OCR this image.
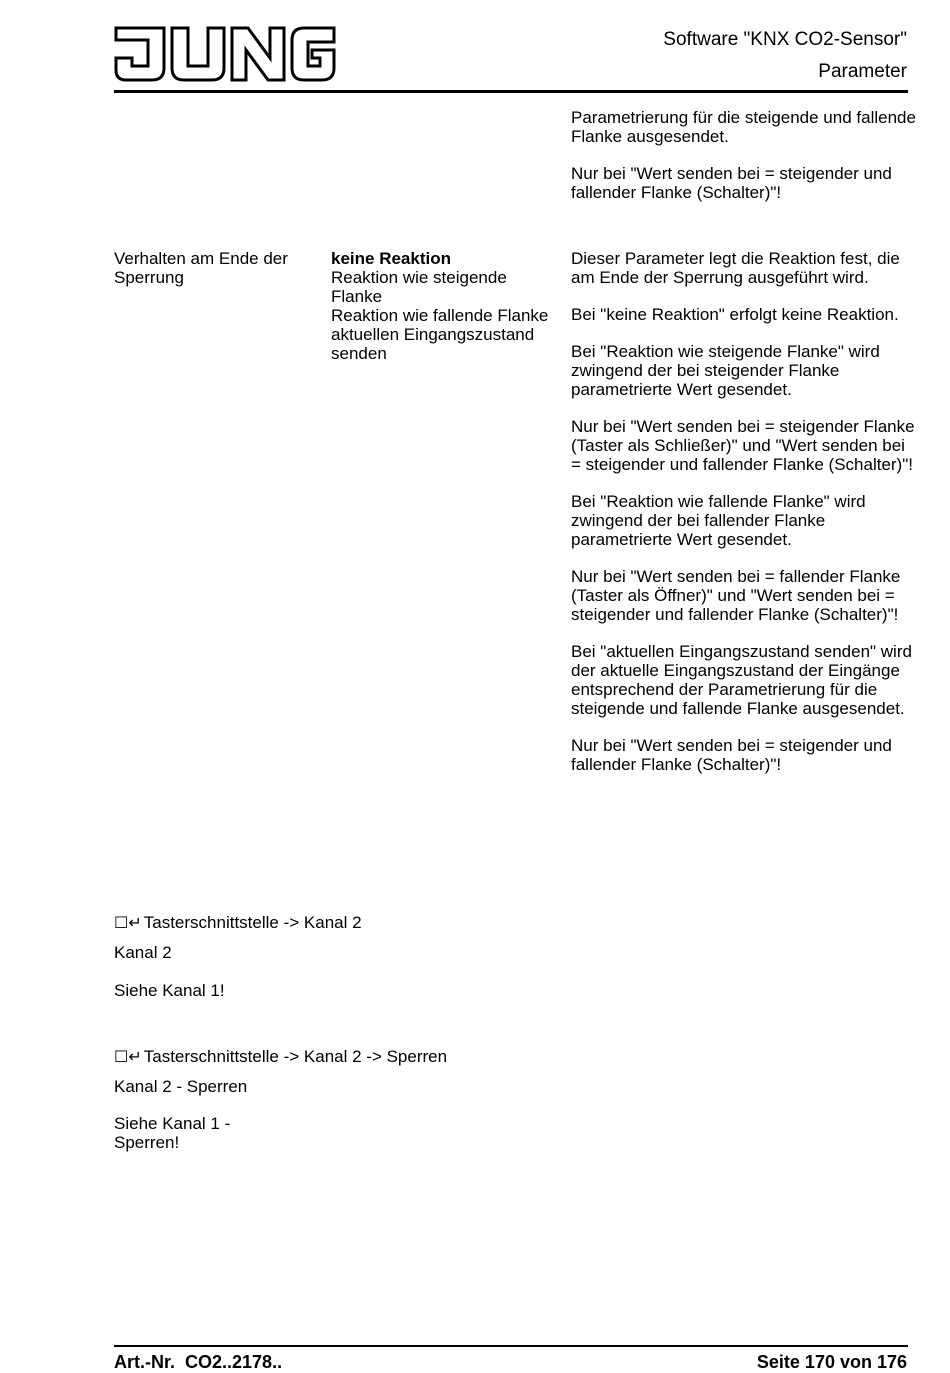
Software "KNX CO2-Sensor"
Parameter

Parametrierung für die steigende und fallende Flanke ausgesendet.

Nur bei "Wert senden bei = steigender und fallender Flanke (Schalter)"!

Verhalten am Ende der Sperrung
keine Reaktion
Reaktion wie steigende Flanke
Reaktion wie fallende Flanke
aktuellen Eingangszustand senden

Dieser Parameter legt die Reaktion fest, die am Ende der Sperrung ausgeführt wird.

Bei "keine Reaktion" erfolgt keine Reaktion.

Bei "Reaktion wie steigende Flanke" wird zwingend der bei steigender Flanke parametrierte Wert gesendet.

Nur bei "Wert senden bei = steigender Flanke (Taster als Schließer)" und "Wert senden bei = steigender und fallender Flanke (Schalter)"!

Bei "Reaktion wie fallende Flanke" wird zwingend der bei fallender Flanke parametrierte Wert gesendet.

Nur bei "Wert senden bei = fallender Flanke (Taster als Öffner)" und "Wert senden bei = steigender und fallender Flanke (Schalter)"!

Bei "aktuellen Eingangszustand senden" wird der aktuelle Eingangszustand der Eingänge entsprechend der Parametrierung für die steigende und fallende Flanke ausgesendet.

Nur bei "Wert senden bei = steigender und fallender Flanke (Schalter)"!

☐↵ Tasterschnittstelle -> Kanal 2
Kanal 2
Siehe Kanal 1!
☐↵ Tasterschnittstelle -> Kanal 2 -> Sperren
Kanal 2 - Sperren
Siehe Kanal 1 - Sperren!
Art.-Nr.  CO2..2178..	Seite 170 von 176
